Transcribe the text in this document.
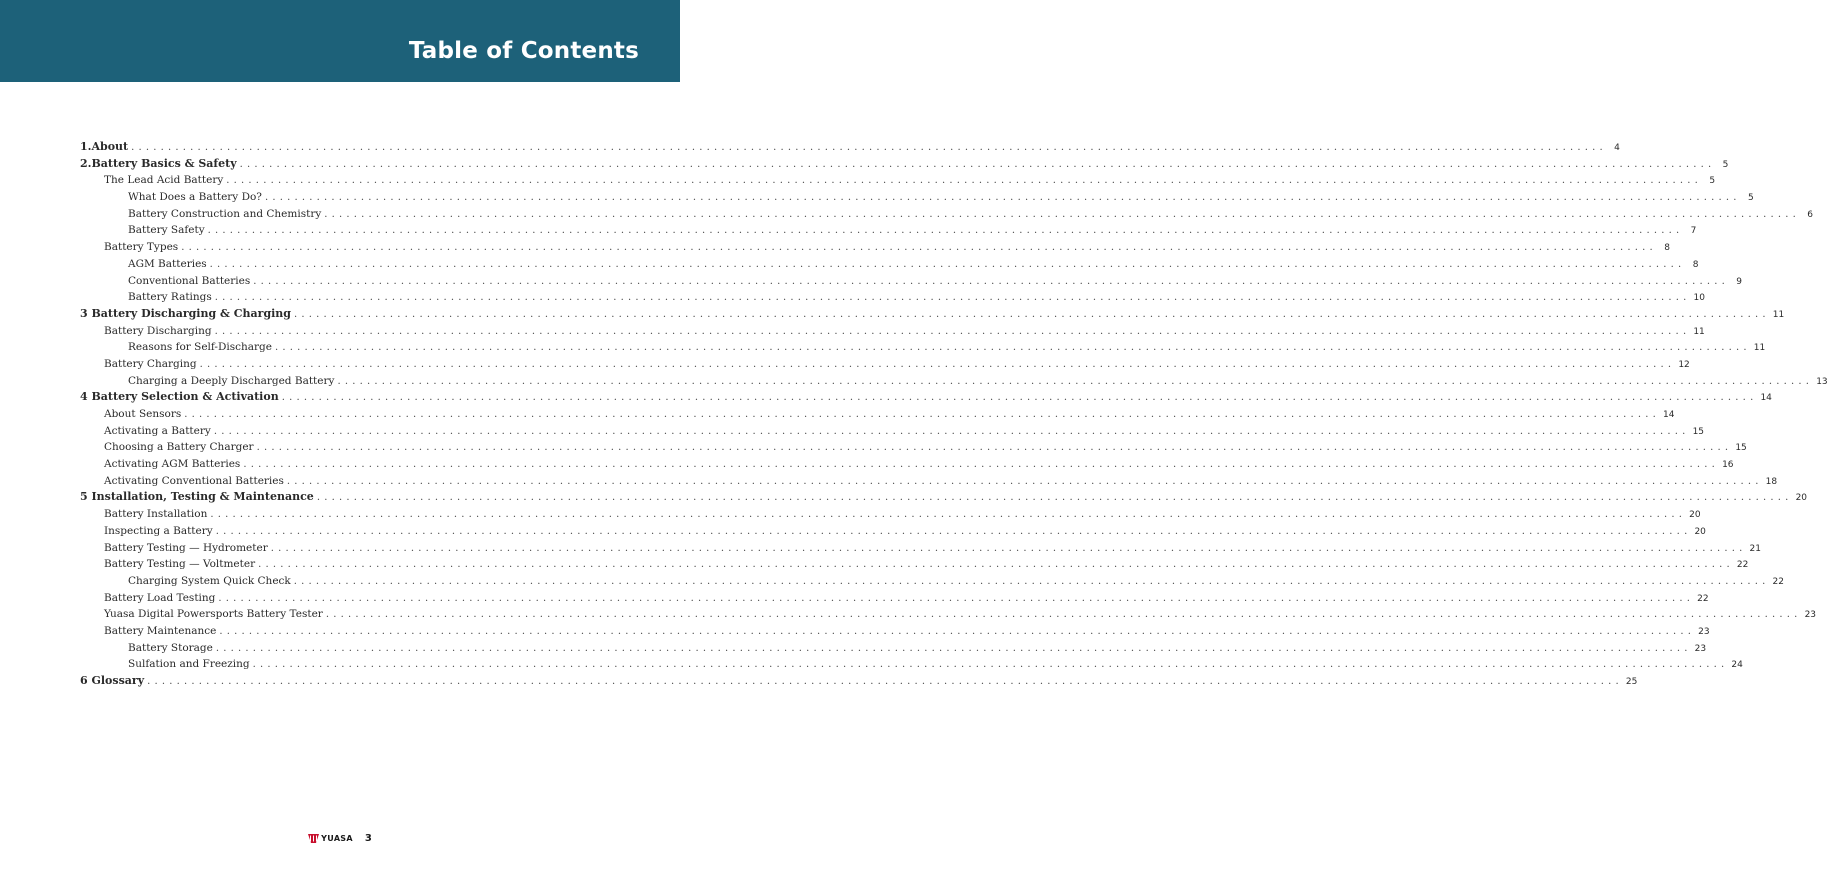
Table of Contents
1.About ........................................................................................................................................................................................................ 4
2.Battery Basics & Safety ........................................................................................................................................................................................................ 5
The Lead Acid Battery ........................................................................................................................................................................................................ 5
What Does a Battery Do? ........................................................................................................................................................................................................ 5
Battery Construction and Chemistry ........................................................................................................................................................................................................ 6
Battery Safety ........................................................................................................................................................................................................ 7
Battery Types ........................................................................................................................................................................................................ 8
AGM Batteries ........................................................................................................................................................................................................ 8
Conventional Batteries ........................................................................................................................................................................................................ 9
Battery Ratings ........................................................................................................................................................................................................ 10
3 Battery Discharging & Charging ........................................................................................................................................................................................................ 11
Battery Discharging ........................................................................................................................................................................................................ 11
Reasons for Self-Discharge ........................................................................................................................................................................................................ 11
Battery Charging ........................................................................................................................................................................................................ 12
Charging a Deeply Discharged Battery ........................................................................................................................................................................................................ 13
4 Battery Selection & Activation ........................................................................................................................................................................................................ 14
About Sensors ........................................................................................................................................................................................................ 14
Activating a Battery ........................................................................................................................................................................................................ 15
Choosing a Battery Charger ........................................................................................................................................................................................................ 15
Activating AGM Batteries ........................................................................................................................................................................................................ 16
Activating Conventional Batteries ........................................................................................................................................................................................................ 18
5 Installation, Testing & Maintenance ........................................................................................................................................................................................................ 20
Battery Installation ........................................................................................................................................................................................................ 20
Inspecting a Battery ........................................................................................................................................................................................................ 20
Battery Testing — Hydrometer ........................................................................................................................................................................................................ 21
Battery Testing — Voltmeter ........................................................................................................................................................................................................ 22
Charging System Quick Check ........................................................................................................................................................................................................ 22
Battery Load Testing ........................................................................................................................................................................................................ 22
Yuasa Digital Powersports Battery Tester ........................................................................................................................................................................................................ 23
Battery Maintenance ........................................................................................................................................................................................................ 23
Battery Storage ........................................................................................................................................................................................................ 23
Sulfation and Freezing ........................................................................................................................................................................................................ 24
6 Glossary ........................................................................................................................................................................................................ 25
YUASA 3
